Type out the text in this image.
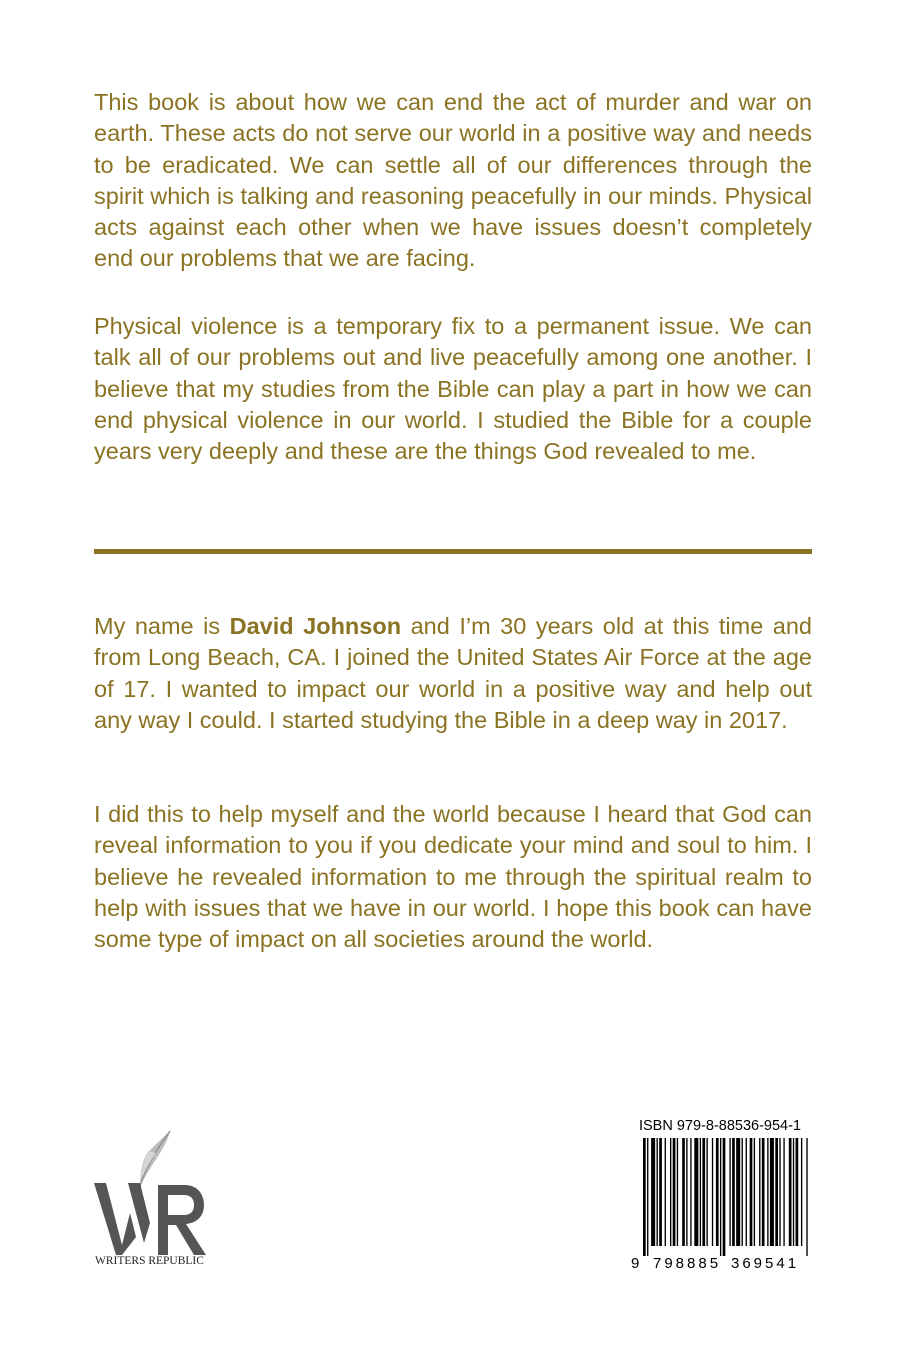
This book is about how we can end the act of murder and war on earth. These acts do not serve our world in a positive way and needs to be eradicated. We can settle all of our differences through the spirit which is talking and reasoning peacefully in our minds. Physical acts against each other when we have issues doesn’t completely end our problems that we are facing.

Physical violence is a temporary fix to a permanent issue. We can talk all of our problems out and live peacefully among one another. I believe that my studies from the Bible can play a part in how we can end physical violence in our world. I studied the Bible for a couple years very deeply and these are the things God revealed to me.

My name is David Johnson and I’m 30 years old at this time and from Long Beach, CA. I joined the United States Air Force at the age of 17. I wanted to impact our world in a positive way and help out any way I could. I started studying the Bible in a deep way in 2017.

I did this to help myself and the world because I heard that God can reveal information to you if you dedicate your mind and soul to him. I believe he revealed information to me through the spiritual realm to help with issues that we have in our world. I hope this book can have some type of impact on all societies around the world.

WRITERS REPUBLIC
ISBN 979-8-88536-954-1
9 798885 369541
